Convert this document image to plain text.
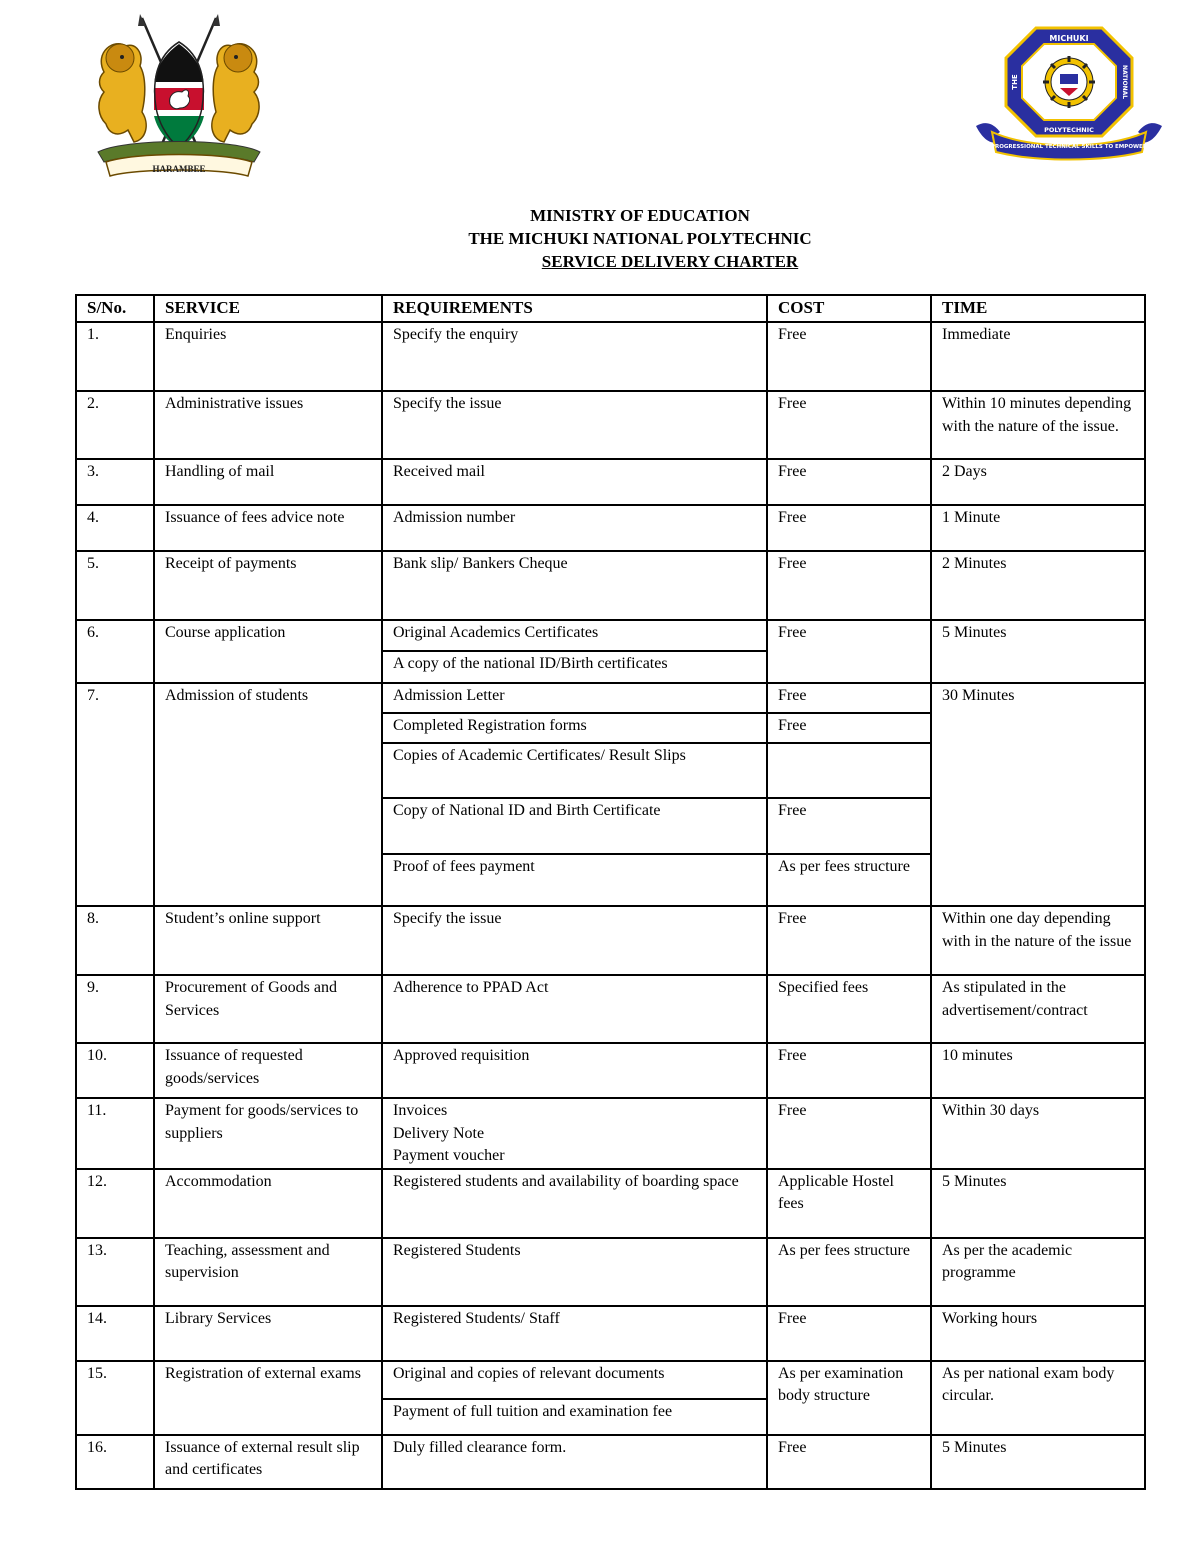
HARAMBEE
PROGRESSIONAL TECHNICAL SKILLS TO EMPOWER
MICHUKI
POLYTECHNIC
THE	NATIONAL
MINISTRY OF EDUCATION
THE MICHUKI NATIONAL POLYTECHNIC
SERVICE DELIVERY CHARTER
S/No.	SERVICE	REQUIREMENTS	COST	TIME
1.	Enquiries	Specify the enquiry	Free	Immediate
2.	Administrative issues	Specify the issue	Free	Within 10 minutes depending with the nature of the issue.
3.	Handling of mail	Received mail	Free	2 Days
4.	Issuance of fees advice note	Admission number	Free	1 Minute
5.	Receipt of payments	Bank slip/ Bankers Cheque	Free	2 Minutes
6.	Course application	Original Academics Certificates	Free	5 Minutes
		A copy of the national ID/Birth certificates		
7.	Admission of students	Admission Letter	Free	30 Minutes
		Completed Registration forms	Free	
		Copies of Academic Certificates/ Result Slips		
		Copy of National ID and Birth Certificate	Free	
		Proof of fees payment	As per fees structure	
8.	Student’s online support	Specify the issue	Free	Within one day depending with in the nature of the issue
9.	Procurement of Goods and Services	Adherence to PPAD Act	Specified fees	As stipulated in the advertisement/contract
10.	Issuance of requested goods/services	Approved requisition	Free	10 minutes
11.	Payment for goods/services to suppliers	Invoices
Delivery Note
Payment voucher	Free	Within 30 days
12.	Accommodation	Registered students and availability of boarding space	Applicable Hostel fees	5 Minutes
13.	Teaching, assessment and supervision	Registered Students	As per fees structure	As per the academic programme
14.	Library Services	Registered Students/ Staff	Free	Working hours
15.	Registration of external exams	Original and copies of relevant documents	As per examination body structure	As per national exam body circular.
		Payment of full tuition and examination fee		
16.	Issuance of external result slip and certificates	Duly filled clearance form.	Free	5 Minutes
